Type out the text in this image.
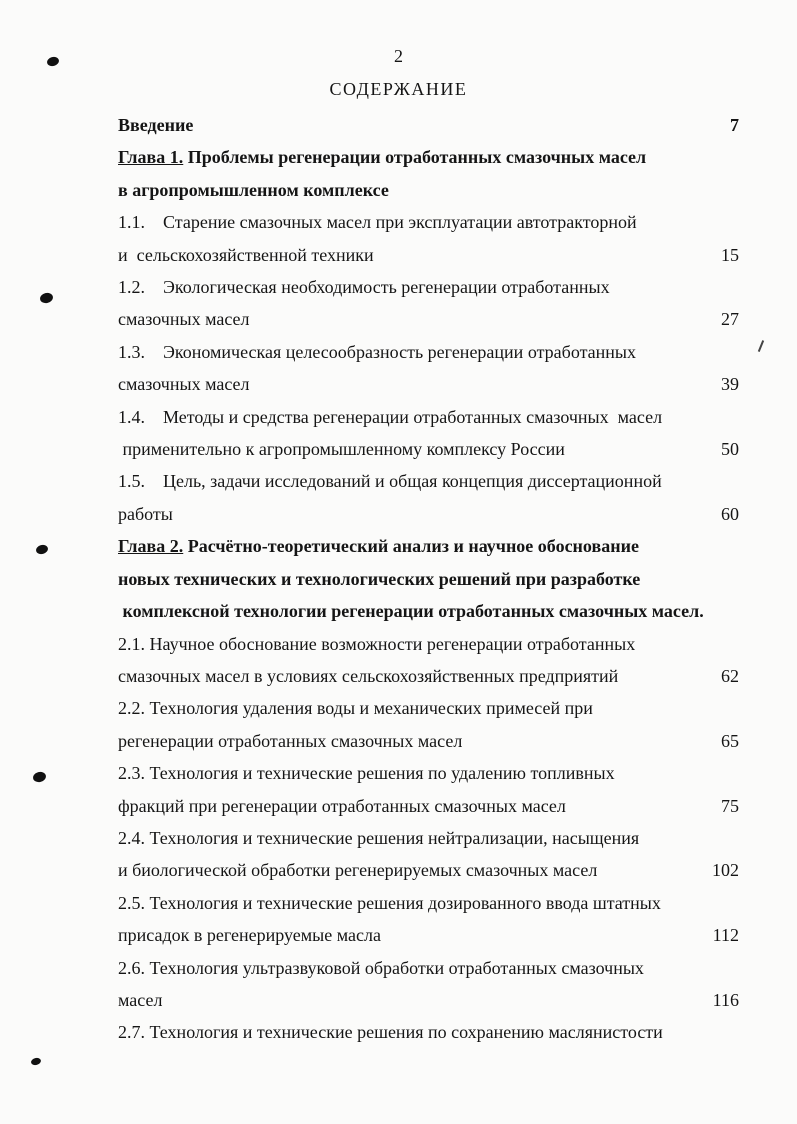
2
СОДЕРЖАНИЕ
Введение	7
Глава 1. Проблемы регенерации отработанных смазочных масел
в агропромышленном комплексе
1.1.    Старение смазочных масел при эксплуатации автотракторной
и  сельскохозяйственной техники	15
1.2.    Экологическая необходимость регенерации отработанных
смазочных масел	27
1.3.    Экономическая целесообразность регенерации отработанных
смазочных масел	39
1.4.    Методы и средства регенерации отработанных смазочных  масел
применительно к агропромышленному комплексу России	50
1.5.    Цель, задачи исследований и общая концепция диссертационной
работы	60
Глава 2. Расчётно-теоретический анализ и научное обоснование
новых технических и технологических решений при разработке
комплексной технологии регенерации отработанных смазочных масел.
2.1. Научное обоснование возможности регенерации отработанных
смазочных масел в условиях сельскохозяйственных предприятий	62
2.2. Технология удаления воды и механических примесей при
регенерации отработанных смазочных масел	65
2.3. Технология и технические решения по удалению топливных
фракций при регенерации отработанных смазочных масел	75
2.4. Технология и технические решения нейтрализации, насыщения
и биологической обработки регенерируемых смазочных масел	102
2.5. Технология и технические решения дозированного ввода штатных
присадок в регенерируемые масла	112
2.6. Технология ультразвуковой обработки отработанных смазочных
масел	116
2.7. Технология и технические решения по сохранению маслянистости
